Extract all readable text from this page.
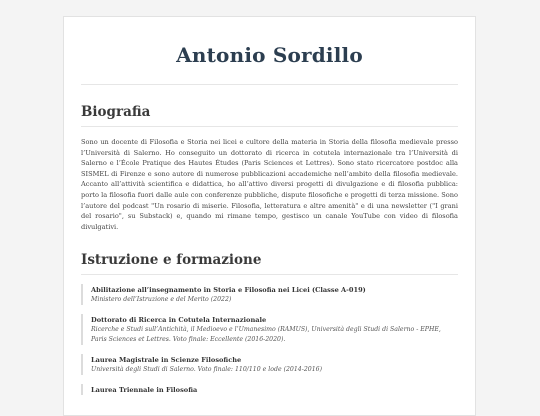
Antonio Sordillo
Biografia

Sono un docente di Filosofia e Storia nei licei e cultore della materia in Storia della filosofia medievale presso l’Università di Salerno. Ho conseguito un dottorato di ricerca in cotutela internazionale tra l’Università di Salerno e l’École Pratique des Hautes Études (Paris Sciences et Lettres). Sono stato ricercatore postdoc alla SISMEL di Firenze e sono autore di numerose pubblicazioni accademiche nell’ambito della filosofia medievale. Accanto all’attività scientifica e didattica, ho all’attivo diversi progetti di divulgazione e di filosofia pubblica: porto la filosofia fuori dalle aule con conferenze pubbliche, dispute filosofiche e progetti di terza missione. Sono l’autore del podcast "Un rosario di miserie. Filosofia, letteratura e altre amenità" e di una newsletter ("I grani del rosario", su Substack) e, quando mi rimane tempo, gestisco un canale YouTube con video di filosofia divulgativi.

Istruzione e formazione
Abilitazione all’insegnamento in Storia e Filosofia nei Licei (Classe A-019)
Ministero dell’Istruzione e del Merito (2022)
Dottorato di Ricerca in Cotutela Internazionale
Ricerche e Studi sull’Antichità, il Medioevo e l’Umanesimo (RAMUS), Università degli Studi di Salerno - EPHE, Paris Sciences et Lettres. Voto finale: Eccellente (2016-2020).
Laurea Magistrale in Scienze Filosofiche
Università degli Studi di Salerno. Voto finale: 110/110 e lode (2014-2016)
Laurea Triennale in Filosofia
